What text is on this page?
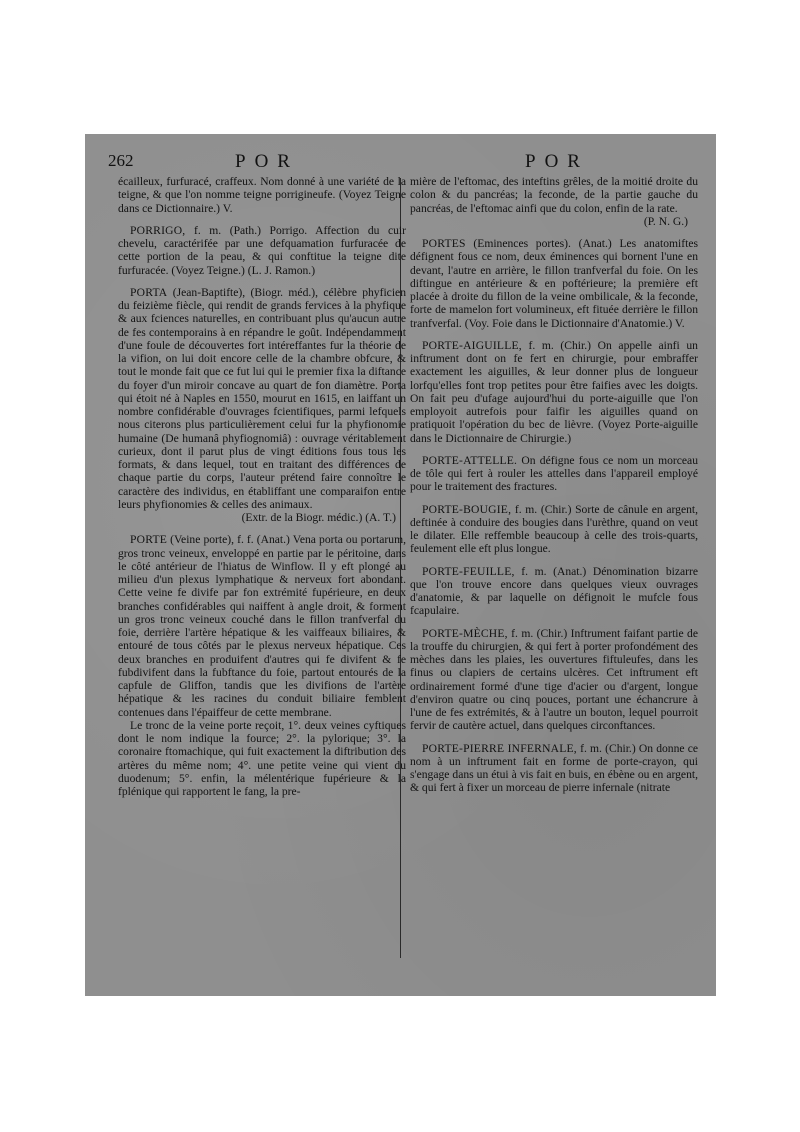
262	POR	POR
écailleux, furfuracé, craffeux. Nom donné à une variété de la teigne, & que l'on nomme teigne porrigineufe. (Voyez Teigne dans ce Dictionnaire.) V.

PORRIGO, f. m. (Path.) Porrigo. Affection du cuir chevelu, caractérifée par une defquamation furfuracée de cette portion de la peau, & qui conftitue la teigne dite furfuracée. (Voyez Teigne.) (L. J. Ramon.)

PORTA (Jean-Baptifte), (Biogr. méd.), célèbre phyficien du feizième fiècle, qui rendit de grands fervices à la phyfique & aux fciences naturelles, en contribuant plus qu'aucun autre de fes contemporains à en répandre le goût. Indépendamment d'une foule de découvertes fort intéreffantes fur la théorie de la vifion, on lui doit encore celle de la chambre obfcure, & tout le monde fait que ce fut lui qui le premier fixa la diftance du foyer d'un miroir concave au quart de fon diamètre. Porta qui étoit né à Naples en 1550, mourut en 1615, en laiffant un nombre confidérable d'ouvrages fcientifiques, parmi lefquels nous citerons plus particulièrement celui fur la phyfionomie humaine (De humanâ phyfiognomiâ) : ouvrage véritablement curieux, dont il parut plus de vingt éditions fous tous les formats, & dans lequel, tout en traitant des différences de chaque partie du corps, l'auteur prétend faire connoître le caractère des individus, en établiffant une comparaifon entre leurs phyfionomies & celles des animaux.

(Extr. de la Biogr. médic.) (A. T.)

PORTE (Veine porte), f. f. (Anat.) Vena porta ou portarum, gros tronc veineux, enveloppé en partie par le péritoine, dans le côté antérieur de l'hiatus de Winflow. Il y eft plongé au milieu d'un plexus lymphatique & nerveux fort abondant. Cette veine fe divife par fon extrémité fupérieure, en deux branches confidérables qui naiffent à angle droit, & forment un gros tronc veineux couché dans le fillon tranfverfal du foie, derrière l'artère hépatique & les vaiffeaux biliaires, & entouré de tous côtés par le plexus nerveux hépatique. Ces deux branches en produifent d'autres qui fe divifent & fe fubdivifent dans la fubftance du foie, partout entourés de la capfule de Gliffon, tandis que les divifions de l'artère hépatique & les racines du conduit biliaire femblent contenues dans l'épaiffeur de cette membrane.

Le tronc de la veine porte reçoit, 1°. deux veines cyftiques dont le nom indique la fource; 2°. la pylorique; 3°. la coronaire ftomachique, qui fuit exactement la diftribution des artères du même nom; 4°. une petite veine qui vient du duodenum; 5°. enfin, la mélentérique fupérieure & la fplénique qui rapportent le fang, la pre-

mière de l'eftomac, des inteftins grêles, de la moitié droite du colon & du pancréas; la feconde, de la partie gauche du pancréas, de l'eftomac ainfi que du colon, enfin de la rate.
(P. N. G.)

PORTES (Eminences portes). (Anat.) Les anatomiftes défignent fous ce nom, deux éminences qui bornent l'une en devant, l'autre en arrière, le fillon tranfverfal du foie. On les diftingue en antérieure & en poftérieure; la première eft placée à droite du fillon de la veine ombilicale, & la feconde, forte de mamelon fort volumineux, eft fituée derrière le fillon tranfverfal. (Voy. Foie dans le Dictionnaire d'Anatomie.) V.

PORTE-AIGUILLE, f. m. (Chir.) On appelle ainfi un inftrument dont on fe fert en chirurgie, pour embraffer exactement les aiguilles, & leur donner plus de longueur lorfqu'elles font trop petites pour être faifies avec les doigts. On fait peu d'ufage aujourd'hui du porte-aiguille que l'on employoit autrefois pour faifir les aiguilles quand on pratiquoit l'opération du bec de lièvre. (Voyez Porte-aiguille dans le Dictionnaire de Chirurgie.)

PORTE-ATTELLE. On défigne fous ce nom un morceau de tôle qui fert à rouler les attelles dans l'appareil employé pour le traitement des fractures.

PORTE-BOUGIE, f. m. (Chir.) Sorte de cânule en argent, deftinée à conduire des bougies dans l'urèthre, quand on veut le dilater. Elle reffemble beaucoup à celle des trois-quarts, feulement elle eft plus longue.

PORTE-FEUILLE, f. m. (Anat.) Dénomination bizarre que l'on trouve encore dans quelques vieux ouvrages d'anatomie, & par laquelle on défignoit le mufcle fous fcapulaire.

PORTE-MÈCHE, f. m. (Chir.) Inftrument faifant partie de la trouffe du chirurgien, & qui fert à porter profondément des mèches dans les plaies, les ouvertures fiftuleufes, dans les finus ou clapiers de certains ulcères. Cet inftrument eft ordinairement formé d'une tige d'acier ou d'argent, longue d'environ quatre ou cinq pouces, portant une échancrure à l'une de fes extrémités, & à l'autre un bouton, lequel pourroit fervir de cautère actuel, dans quelques circonftances.

PORTE-PIERRE INFERNALE, f. m. (Chir.) On donne ce nom à un inftrument fait en forme de porte-crayon, qui s'engage dans un étui à vis fait en buis, en ébène ou en argent, & qui fert à fixer un morceau de pierre infernale (nitrate
